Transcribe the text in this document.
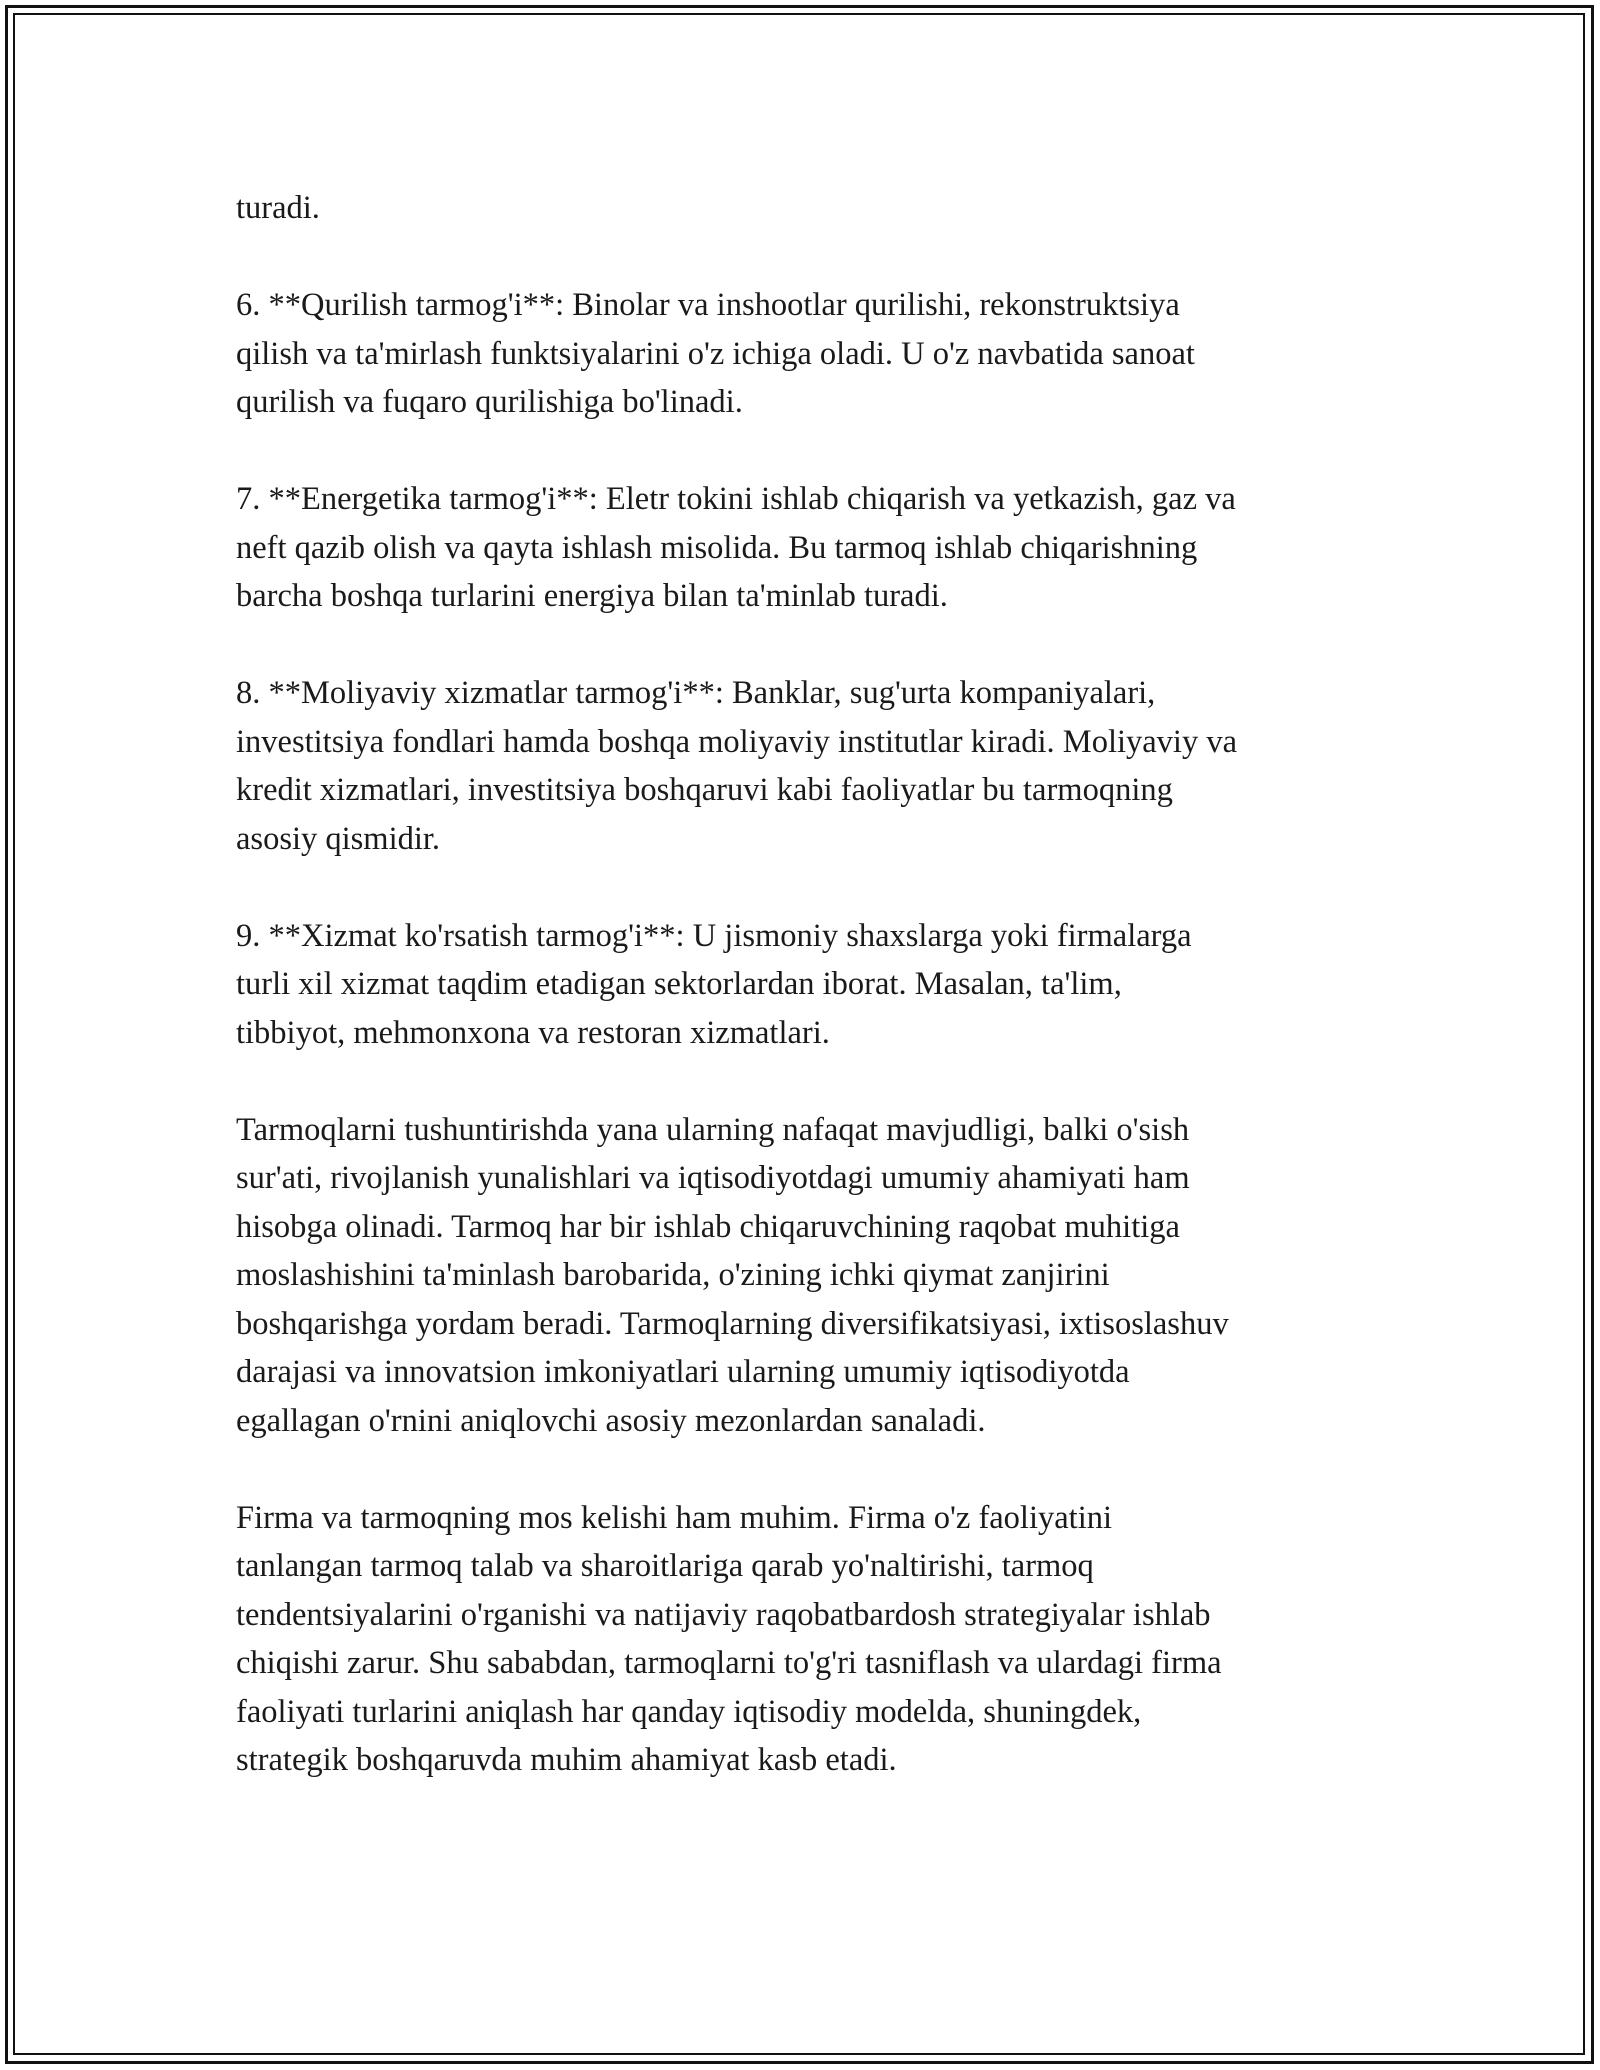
turadi.

6. **Qurilish tarmog'i**: Binolar va inshootlar qurilishi, rekonstruktsiya
qilish va ta'mirlash funktsiyalarini o'z ichiga oladi. U o'z navbatida sanoat
qurilish va fuqaro qurilishiga bo'linadi.

7. **Energetika tarmog'i**: Eletr tokini ishlab chiqarish va yetkazish, gaz va
neft qazib olish va qayta ishlash misolida. Bu tarmoq ishlab chiqarishning
barcha boshqa turlarini energiya bilan ta'minlab turadi.

8. **Moliyaviy xizmatlar tarmog'i**: Banklar, sug'urta kompaniyalari,
investitsiya fondlari hamda boshqa moliyaviy institutlar kiradi. Moliyaviy va
kredit xizmatlari, investitsiya boshqaruvi kabi faoliyatlar bu tarmoqning
asosiy qismidir.

9. **Xizmat ko'rsatish tarmog'i**: U jismoniy shaxslarga yoki firmalarga
turli xil xizmat taqdim etadigan sektorlardan iborat. Masalan, ta'lim,
tibbiyot, mehmonxona va restoran xizmatlari.

Tarmoqlarni tushuntirishda yana ularning nafaqat mavjudligi, balki o'sish
sur'ati, rivojlanish yunalishlari va iqtisodiyotdagi umumiy ahamiyati ham
hisobga olinadi. Tarmoq har bir ishlab chiqaruvchining raqobat muhitiga
moslashishini ta'minlash barobarida, o'zining ichki qiymat zanjirini
boshqarishga yordam beradi. Tarmoqlarning diversifikatsiyasi, ixtisoslashuv
darajasi va innovatsion imkoniyatlari ularning umumiy iqtisodiyotda
egallagan o'rnini aniqlovchi asosiy mezonlardan sanaladi.

Firma va tarmoqning mos kelishi ham muhim. Firma o'z faoliyatini
tanlangan tarmoq talab va sharoitlariga qarab yo'naltirishi, tarmoq
tendentsiyalarini o'rganishi va natijaviy raqobatbardosh strategiyalar ishlab
chiqishi zarur. Shu sababdan, tarmoqlarni to'g'ri tasniflash va ulardagi firma
faoliyati turlarini aniqlash har qanday iqtisodiy modelda, shuningdek,
strategik boshqaruvda muhim ahamiyat kasb etadi.
